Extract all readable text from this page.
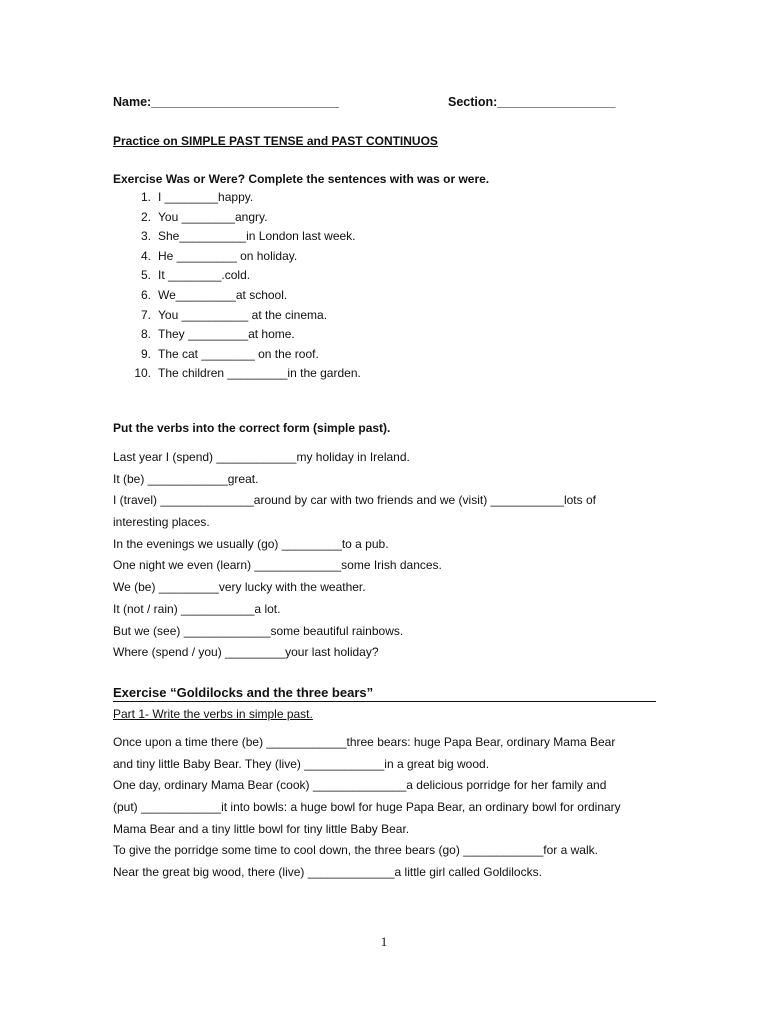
Name:___________________________	Section:_________________
Practice on SIMPLE PAST TENSE and PAST CONTINUOS
Exercise Was or Were? Complete the sentences with was or were.
1. I ________happy.
2. You ________angry.
3. She__________in London last week.
4. He _________ on holiday.
5. It ________.cold.
6. We_________at school.
7. You __________ at the cinema.
8. They _________at home.
9. The cat ________ on the roof.
10. The children _________in the garden.
Put the verbs into the correct form (simple past).
Last year I (spend) ____________my holiday in Ireland.
It (be) ____________great.
I (travel) ______________around by car with two friends and we (visit) ___________lots of
interesting places.
In the evenings we usually (go) _________to a pub.
One night we even (learn) _____________some Irish dances.
We (be) _________very lucky with the weather.
It (not / rain) ___________a lot.
But we (see) _____________some beautiful rainbows.
Where (spend / you) _________your last holiday?
Exercise “Goldilocks and the three bears”
Part 1- Write the verbs in simple past.
Once upon a time there (be) ____________three bears: huge Papa Bear, ordinary Mama Bear
and tiny little Baby Bear. They (live) ____________in a great big wood.
One day, ordinary Mama Bear (cook) ______________a delicious porridge for her family and
(put) ____________it into bowls: a huge bowl for huge Papa Bear, an ordinary bowl for ordinary
Mama Bear and a tiny little bowl for tiny little Baby Bear.
To give the porridge some time to cool down, the three bears (go) ____________for a walk.
Near the great big wood, there (live) _____________a little girl called Goldilocks.
1
